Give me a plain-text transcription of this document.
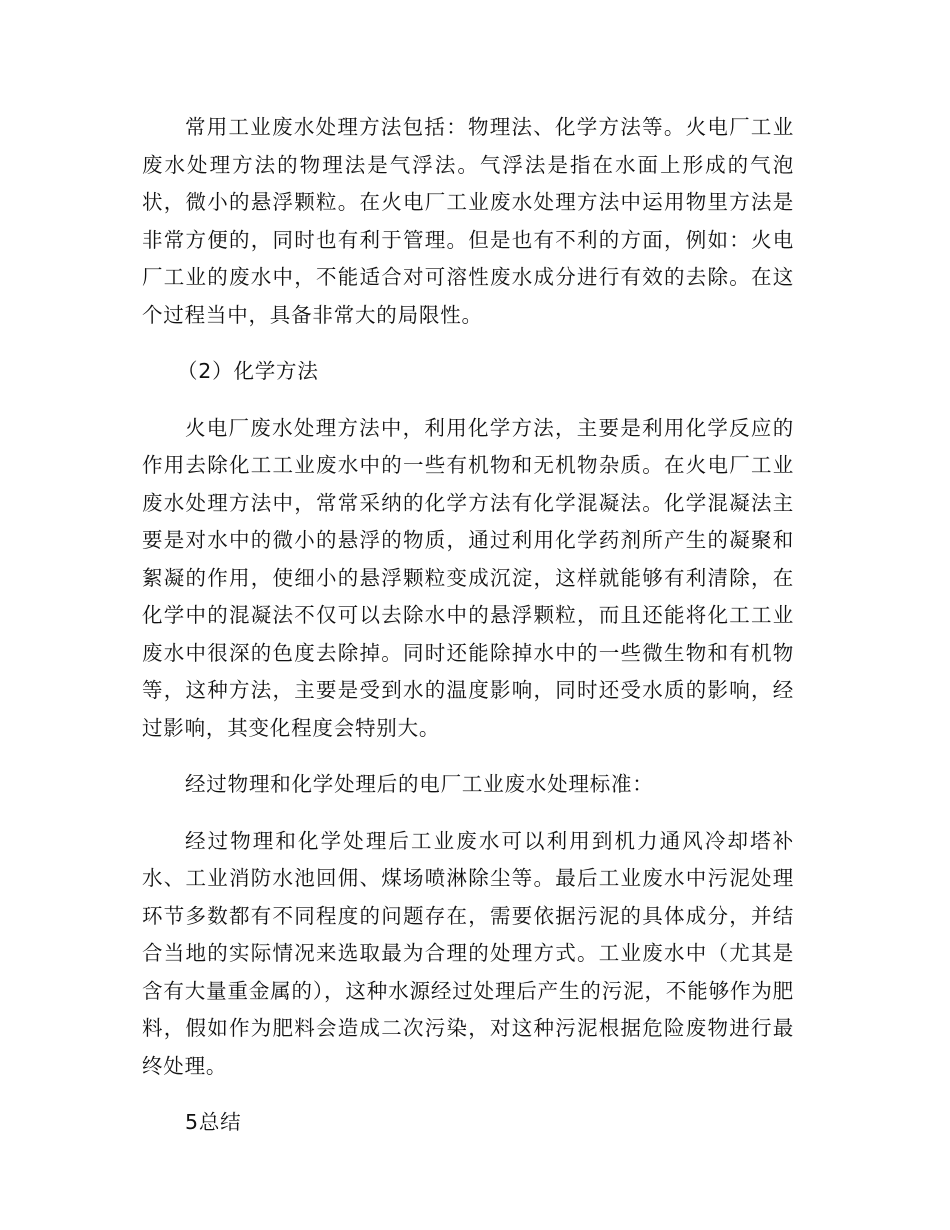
常用工业废水处理方法包括：物理法、化学方法等。火电厂工业废水处理方法的物理法是气浮法。气浮法是指在水面上形成的气泡状，微小的悬浮颗粒。在火电厂工业废水处理方法中运用物里方法是非常方便的，同时也有利于管理。但是也有不利的方面，例如：火电厂工业的废水中，不能适合对可溶性废水成分进行有效的去除。在这个过程当中，具备非常大的局限性。

（2）化学方法

火电厂废水处理方法中，利用化学方法，主要是利用化学反应的作用去除化工工业废水中的一些有机物和无机物杂质。在火电厂工业废水处理方法中，常常采纳的化学方法有化学混凝法。化学混凝法主要是对水中的微小的悬浮的物质，通过利用化学药剂所产生的凝聚和絮凝的作用，使细小的悬浮颗粒变成沉淀，这样就能够有利清除，在化学中的混凝法不仅可以去除水中的悬浮颗粒，而且还能将化工工业废水中很深的色度去除掉。同时还能除掉水中的一些微生物和有机物等，这种方法，主要是受到水的温度影响，同时还受水质的影响，经过影响，其变化程度会特别大。

经过物理和化学处理后的电厂工业废水处理标准：

经过物理和化学处理后工业废水可以利用到机力通风冷却塔补水、工业消防水池回佣、煤场喷淋除尘等。最后工业废水中污泥处理环节多数都有不同程度的问题存在，需要依据污泥的具体成分，并结合当地的实际情况来选取最为合理的处理方式。工业废水中（尤其是含有大量重金属的），这种水源经过处理后产生的污泥，不能够作为肥料，假如作为肥料会造成二次污染，对这种污泥根据危险废物进行最终处理。

5总结
